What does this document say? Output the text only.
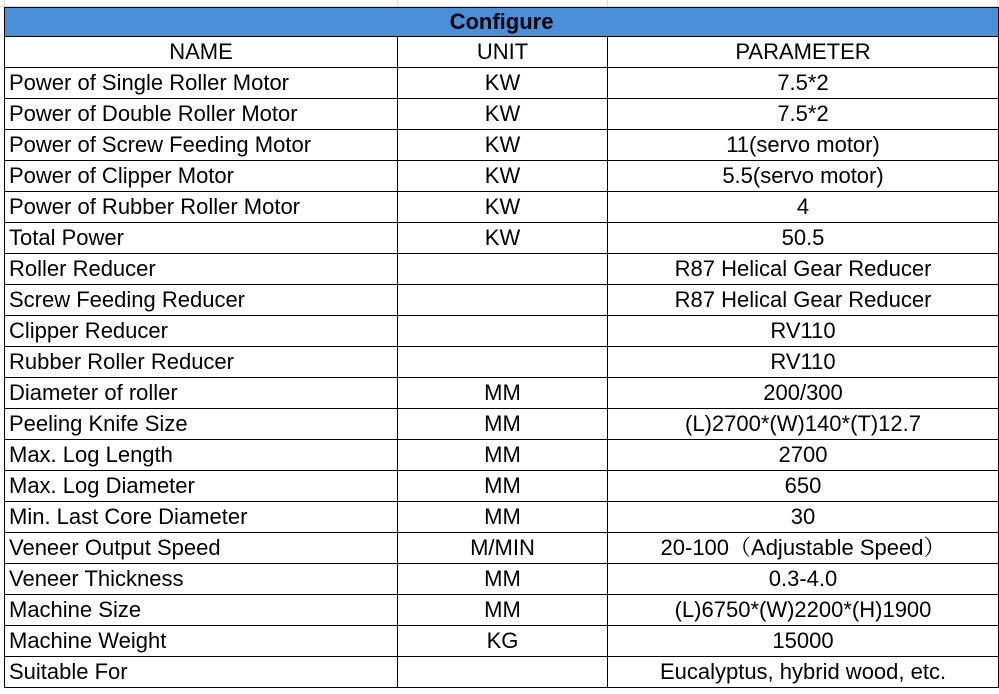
Configure		
NAME	UNIT	PARAMETER
Power of Single Roller Motor	KW	7.5*2
Power of Double Roller Motor	KW	7.5*2
Power of Screw Feeding Motor	KW	11(servo motor)
Power of Clipper Motor	KW	5.5(servo motor)
Power of Rubber Roller Motor	KW	4
Total Power	KW	50.5
Roller Reducer		R87 Helical Gear Reducer
Screw Feeding Reducer		R87 Helical Gear Reducer
Clipper Reducer		RV110
Rubber Roller Reducer		RV110
Diameter of roller	MM	200/300
Peeling Knife Size	MM	(L)2700*(W)140*(T)12.7
Max. Log Length	MM	2700
Max. Log Diameter	MM	650
Min. Last Core Diameter	MM	30
Veneer Output Speed	M/MIN	20-100（Adjustable Speed）
Veneer Thickness	MM	0.3-4.0
Machine Size	MM	(L)6750*(W)2200*(H)1900
Machine Weight	KG	15000
Suitable For		Eucalyptus, hybrid wood, etc.
